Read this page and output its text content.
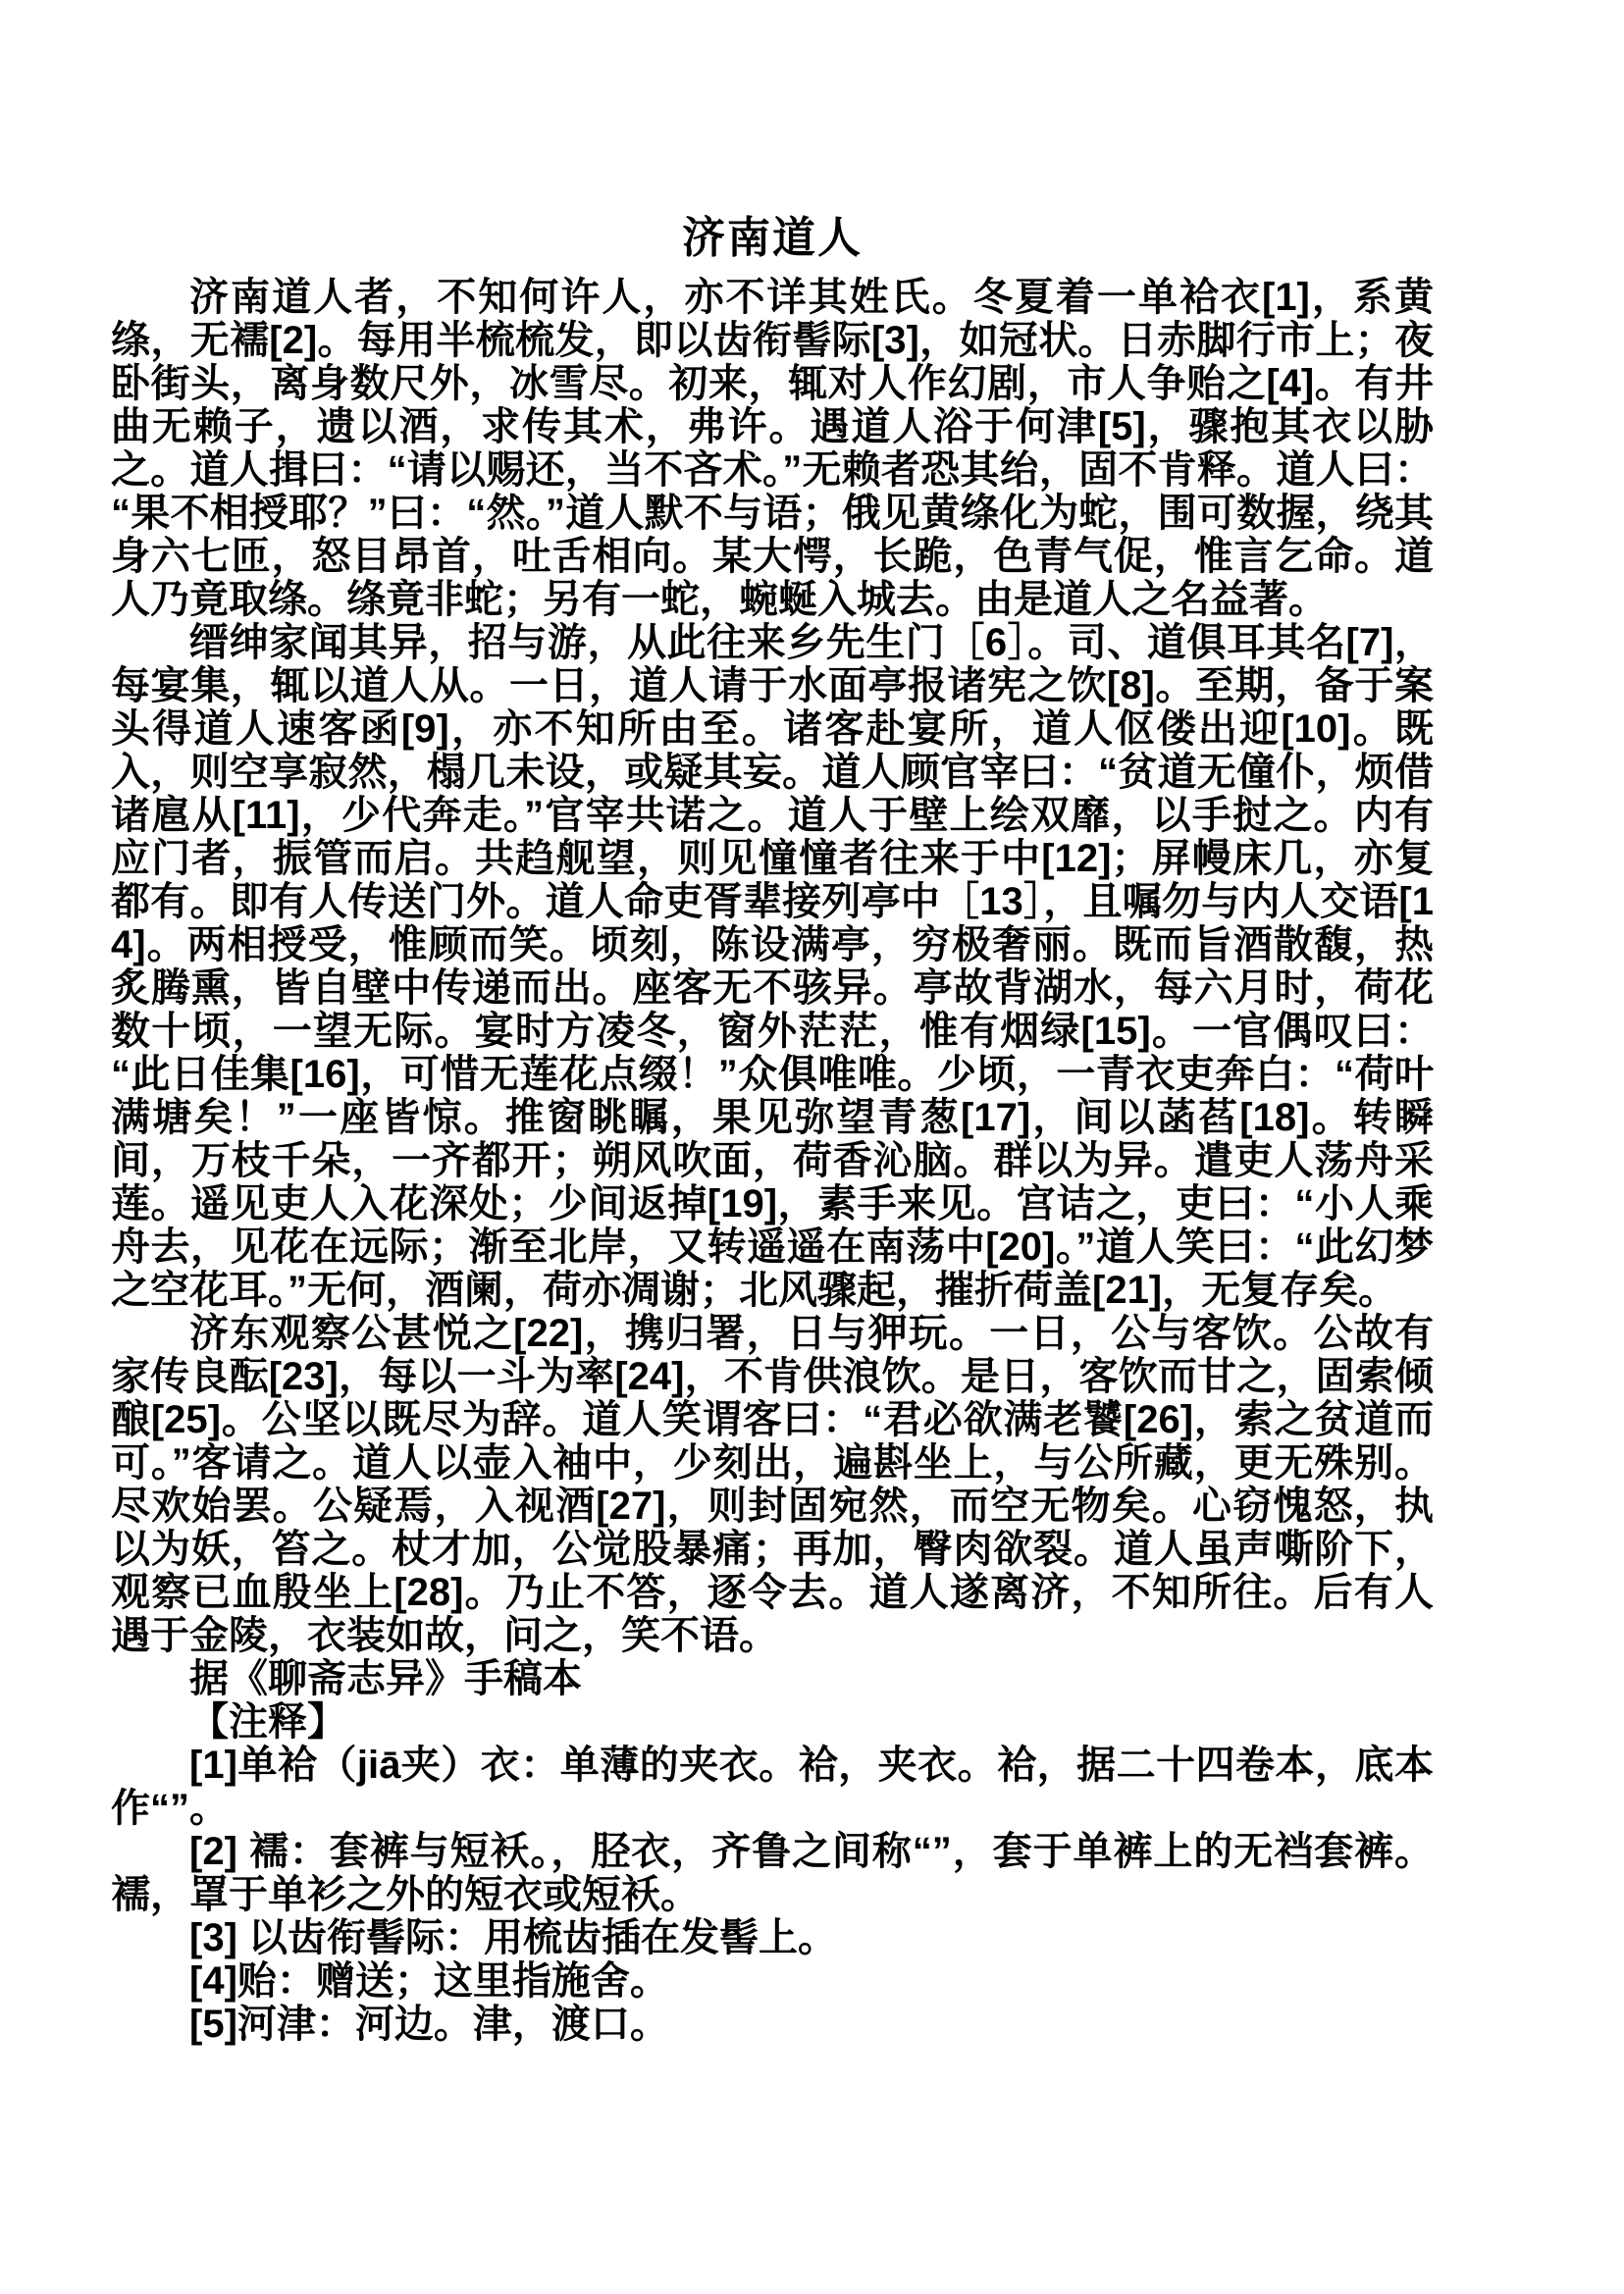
济南道人

济南道人者，不知何许人，亦不详其姓氏。冬夏着一单袷衣[1]，系黄绦，无襦[2]。每用半梳梳发，即以齿衔髻际[3]，如冠状。日赤脚行市上；夜卧街头，离身数尺外，冰雪尽。初来，辄对人作幻剧，市人争贻之[4]。有井曲无赖子，遗以酒，求传其术，弗许。遇道人浴于何津[5]，骤抱其衣以胁之。道人揖曰：“请以赐还，当不吝术。”无赖者恐其绐，固不肯释。道人曰：“果不相授耶？”曰：“然。”道人默不与语；俄见黄绦化为蛇，围可数握，绕其身六七匝，怒目昂首，吐舌相向。某大愕，长跪，色青气促，惟言乞命。道人乃竟取绦。绦竟非蛇；另有一蛇，蜿蜒入城去。由是道人之名益著。

缙绅家闻其异，招与游，从此往来乡先生门［6］。司、道俱耳其名[7]，每宴集，辄以道人从。一日，道人请于水面亭报诸宪之饮[8]。至期，备于案头得道人速客函[9]，亦不知所由至。诸客赴宴所，道人伛偻出迎[10]。既入，则空享寂然，榻几未设，或疑其妄。道人顾官宰曰：“贫道无僮仆，烦借诸扈从[11]，少代奔走。”官宰共诺之。道人于壁上绘双靡，以手挝之。内有应门者，振管而启。共趋舰望，则见憧憧者往来于中[12]；屏幔床几，亦复都有。即有人传送门外。道人命吏胥辈接列亭中［13］，且嘱勿与内人交语[14]。两相授受，惟顾而笑。顷刻，陈设满亭，穷极奢丽。既而旨酒散馥，热炙腾熏，皆自壁中传递而出。座客无不骇异。亭故背湖水，每六月时，荷花数十顷，一望无际。宴时方凌冬，窗外茫茫，惟有烟绿[15]。一官偶叹曰：“此日佳集[16]，可惜无莲花点缀！”众俱唯唯。少顷，一青衣吏奔白：“荷叶满塘矣！”一座皆惊。推窗眺瞩，果见弥望青葱[17]，间以菡萏[18]。转瞬间，万枝千朵，一齐都开；朔风吹面，荷香沁脑。群以为异。遣吏人荡舟采莲。遥见吏人入花深处；少间返掉[19]，素手来见。宫诘之，吏曰：“小人乘舟去，见花在远际；渐至北岸，又转遥遥在南荡中[20]。”道人笑曰：“此幻梦之空花耳。”无何，酒阑，荷亦凋谢；北风骤起，摧折荷盖[21]，无复存矣。

济东观察公甚悦之[22]，携归署，日与狎玩。一日，公与客饮。公故有家传良酝[23]，每以一斗为率[24]，不肯供浪饮。是日，客饮而甘之，固索倾酿[25]。公坚以既尽为辞。道人笑谓客曰：“君必欲满老饕[26]，索之贫道而可。”客请之。道人以壶入袖中，少刻出，遍斟坐上，与公所藏，更无殊别。尽欢始罢。公疑焉，入视酒[27]，则封固宛然，而空无物矣。心窃愧怒，执以为妖，笞之。杖才加，公觉股暴痛；再加，臀肉欲裂。道人虽声嘶阶下，观察已血殷坐上[28]。乃止不答，逐令去。道人遂离济，不知所往。后有人遇于金陵，衣装如故，问之，笑不语。

据《聊斋志异》手稿本

【注释】

[1]单袷（jiā夹）衣：单薄的夹衣。袷，夹衣。袷，据二十四卷本，底本作“”。

[2] 襦：套裤与短袄。，胫衣，齐鲁之间称“”，套于单裤上的无裆套裤。襦，罩于单衫之外的短衣或短袄。

[3] 以齿衔髻际：用梳齿插在发髻上。

[4]贻：赠送；这里指施舍。

[5]河津：河边。津，渡口。
